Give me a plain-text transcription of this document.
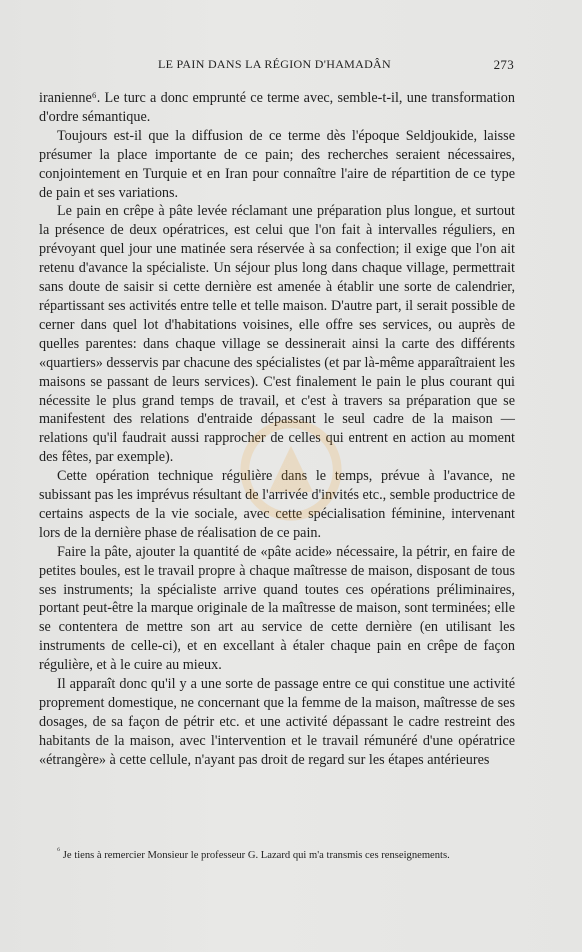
LE PAIN DANS LA RÉGION D'HAMADÂN	273

iranienne⁶. Le turc a donc emprunté ce terme avec, semble-t-il, une transformation d'ordre sémantique.

Toujours est-il que la diffusion de ce terme dès l'époque Seldjoukide, laisse présumer la place importante de ce pain; des recherches seraient nécessaires, conjointement en Turquie et en Iran pour connaître l'aire de répartition de ce type de pain et ses variations.

Le pain en crêpe à pâte levée réclamant une préparation plus longue, et surtout la présence de deux opératrices, est celui que l'on fait à intervalles réguliers, en prévoyant quel jour une matinée sera réservée à sa confection; il exige que l'on ait retenu d'avance la spécialiste. Un séjour plus long dans chaque village, permettrait sans doute de saisir si cette dernière est amenée à établir une sorte de calendrier, répartissant ses activités entre telle et telle maison. D'autre part, il serait possible de cerner dans quel lot d'habitations voisines, elle offre ses services, ou auprès de quelles parentes: dans chaque village se dessinerait ainsi la carte des différents «quartiers» desservis par chacune des spécialistes (et par là-même apparaîtraient les maisons se passant de leurs services). C'est finalement le pain le plus courant qui nécessite le plus grand temps de travail, et c'est à travers sa préparation que se manifestent des relations d'entraide dépassant le seul cadre de la maison — relations qu'il faudrait aussi rapprocher de celles qui entrent en action au moment des fêtes, par exemple).

Cette opération technique régulière dans le temps, prévue à l'avance, ne subissant pas les imprévus résultant de l'arrivée d'invités etc., semble productrice de certains aspects de la vie sociale, avec cette spécialisation féminine, intervenant lors de la dernière phase de réalisation de ce pain.

Faire la pâte, ajouter la quantité de «pâte acide» nécessaire, la pétrir, en faire de petites boules, est le travail propre à chaque maîtresse de maison, disposant de tous ses instruments; la spécialiste arrive quand toutes ces opérations préliminaires, portant peut-être la marque originale de la maîtresse de maison, sont terminées; elle se contentera de mettre son art au service de cette dernière (en utilisant les instruments de celle-ci), et en excellant à étaler chaque pain en crêpe de façon régulière, et à le cuire au mieux.

Il apparaît donc qu'il y a une sorte de passage entre ce qui constitue une activité proprement domestique, ne concernant que la femme de la maison, maîtresse de ses dosages, de sa façon de pétrir etc. et une activité dépassant le cadre restreint des habitants de la maison, avec l'intervention et le travail rémunéré d'une opératrice «étrangère» à cette cellule, n'ayant pas droit de regard sur les étapes antérieures

$^{^6}$ Je tiens à remercier Monsieur le professeur G. Lazard qui m'a transmis ces renseignements.
